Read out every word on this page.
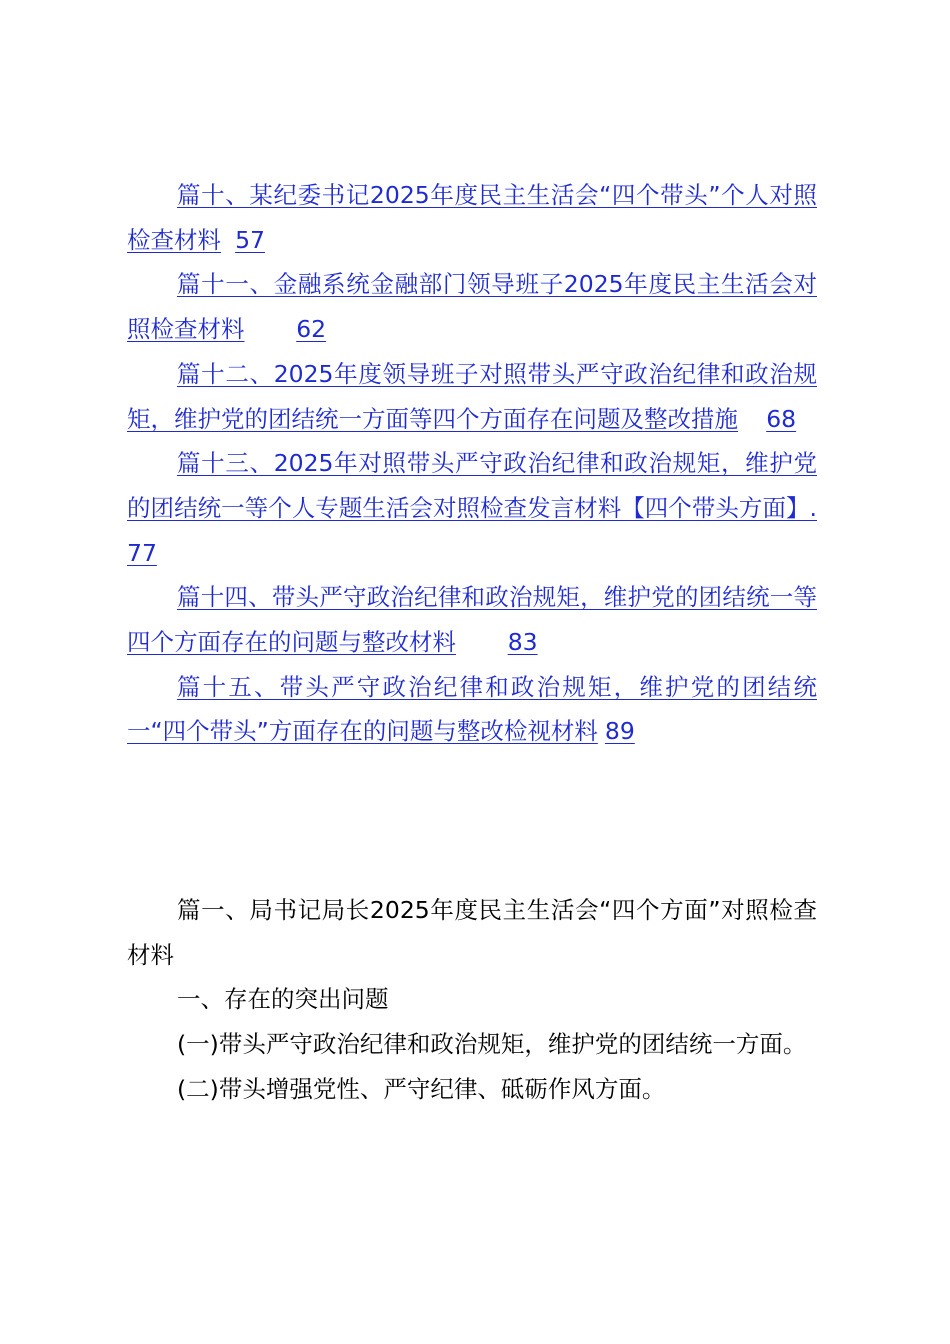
篇十、某纪委书记2025年度民主生活会“四个带头”个人对照检查材料 57

篇十一、金融系统金融部门领导班子2025年度民主生活会对照检查材料 62

篇十二、2025年度领导班子对照带头严守政治纪律和政治规矩，维护党的团结统一方面等四个方面存在问题及整改措施 68

篇十三、2025年对照带头严守政治纪律和政治规矩，维护党的团结统一等个人专题生活会对照检查发言材料【四个带头方面】.77

篇十四、带头严守政治纪律和政治规矩，维护党的团结统一等四个方面存在的问题与整改材料 83

篇十五、带头严守政治纪律和政治规矩，维护党的团结统一“四个带头”方面存在的问题与整改检视材料 89

篇一、局书记局长2025年度民主生活会“四个方面”对照检查材料

一、存在的突出问题

(一)带头严守政治纪律和政治规矩，维护党的团结统一方面。

(二)带头增强党性、严守纪律、砥砺作风方面。
